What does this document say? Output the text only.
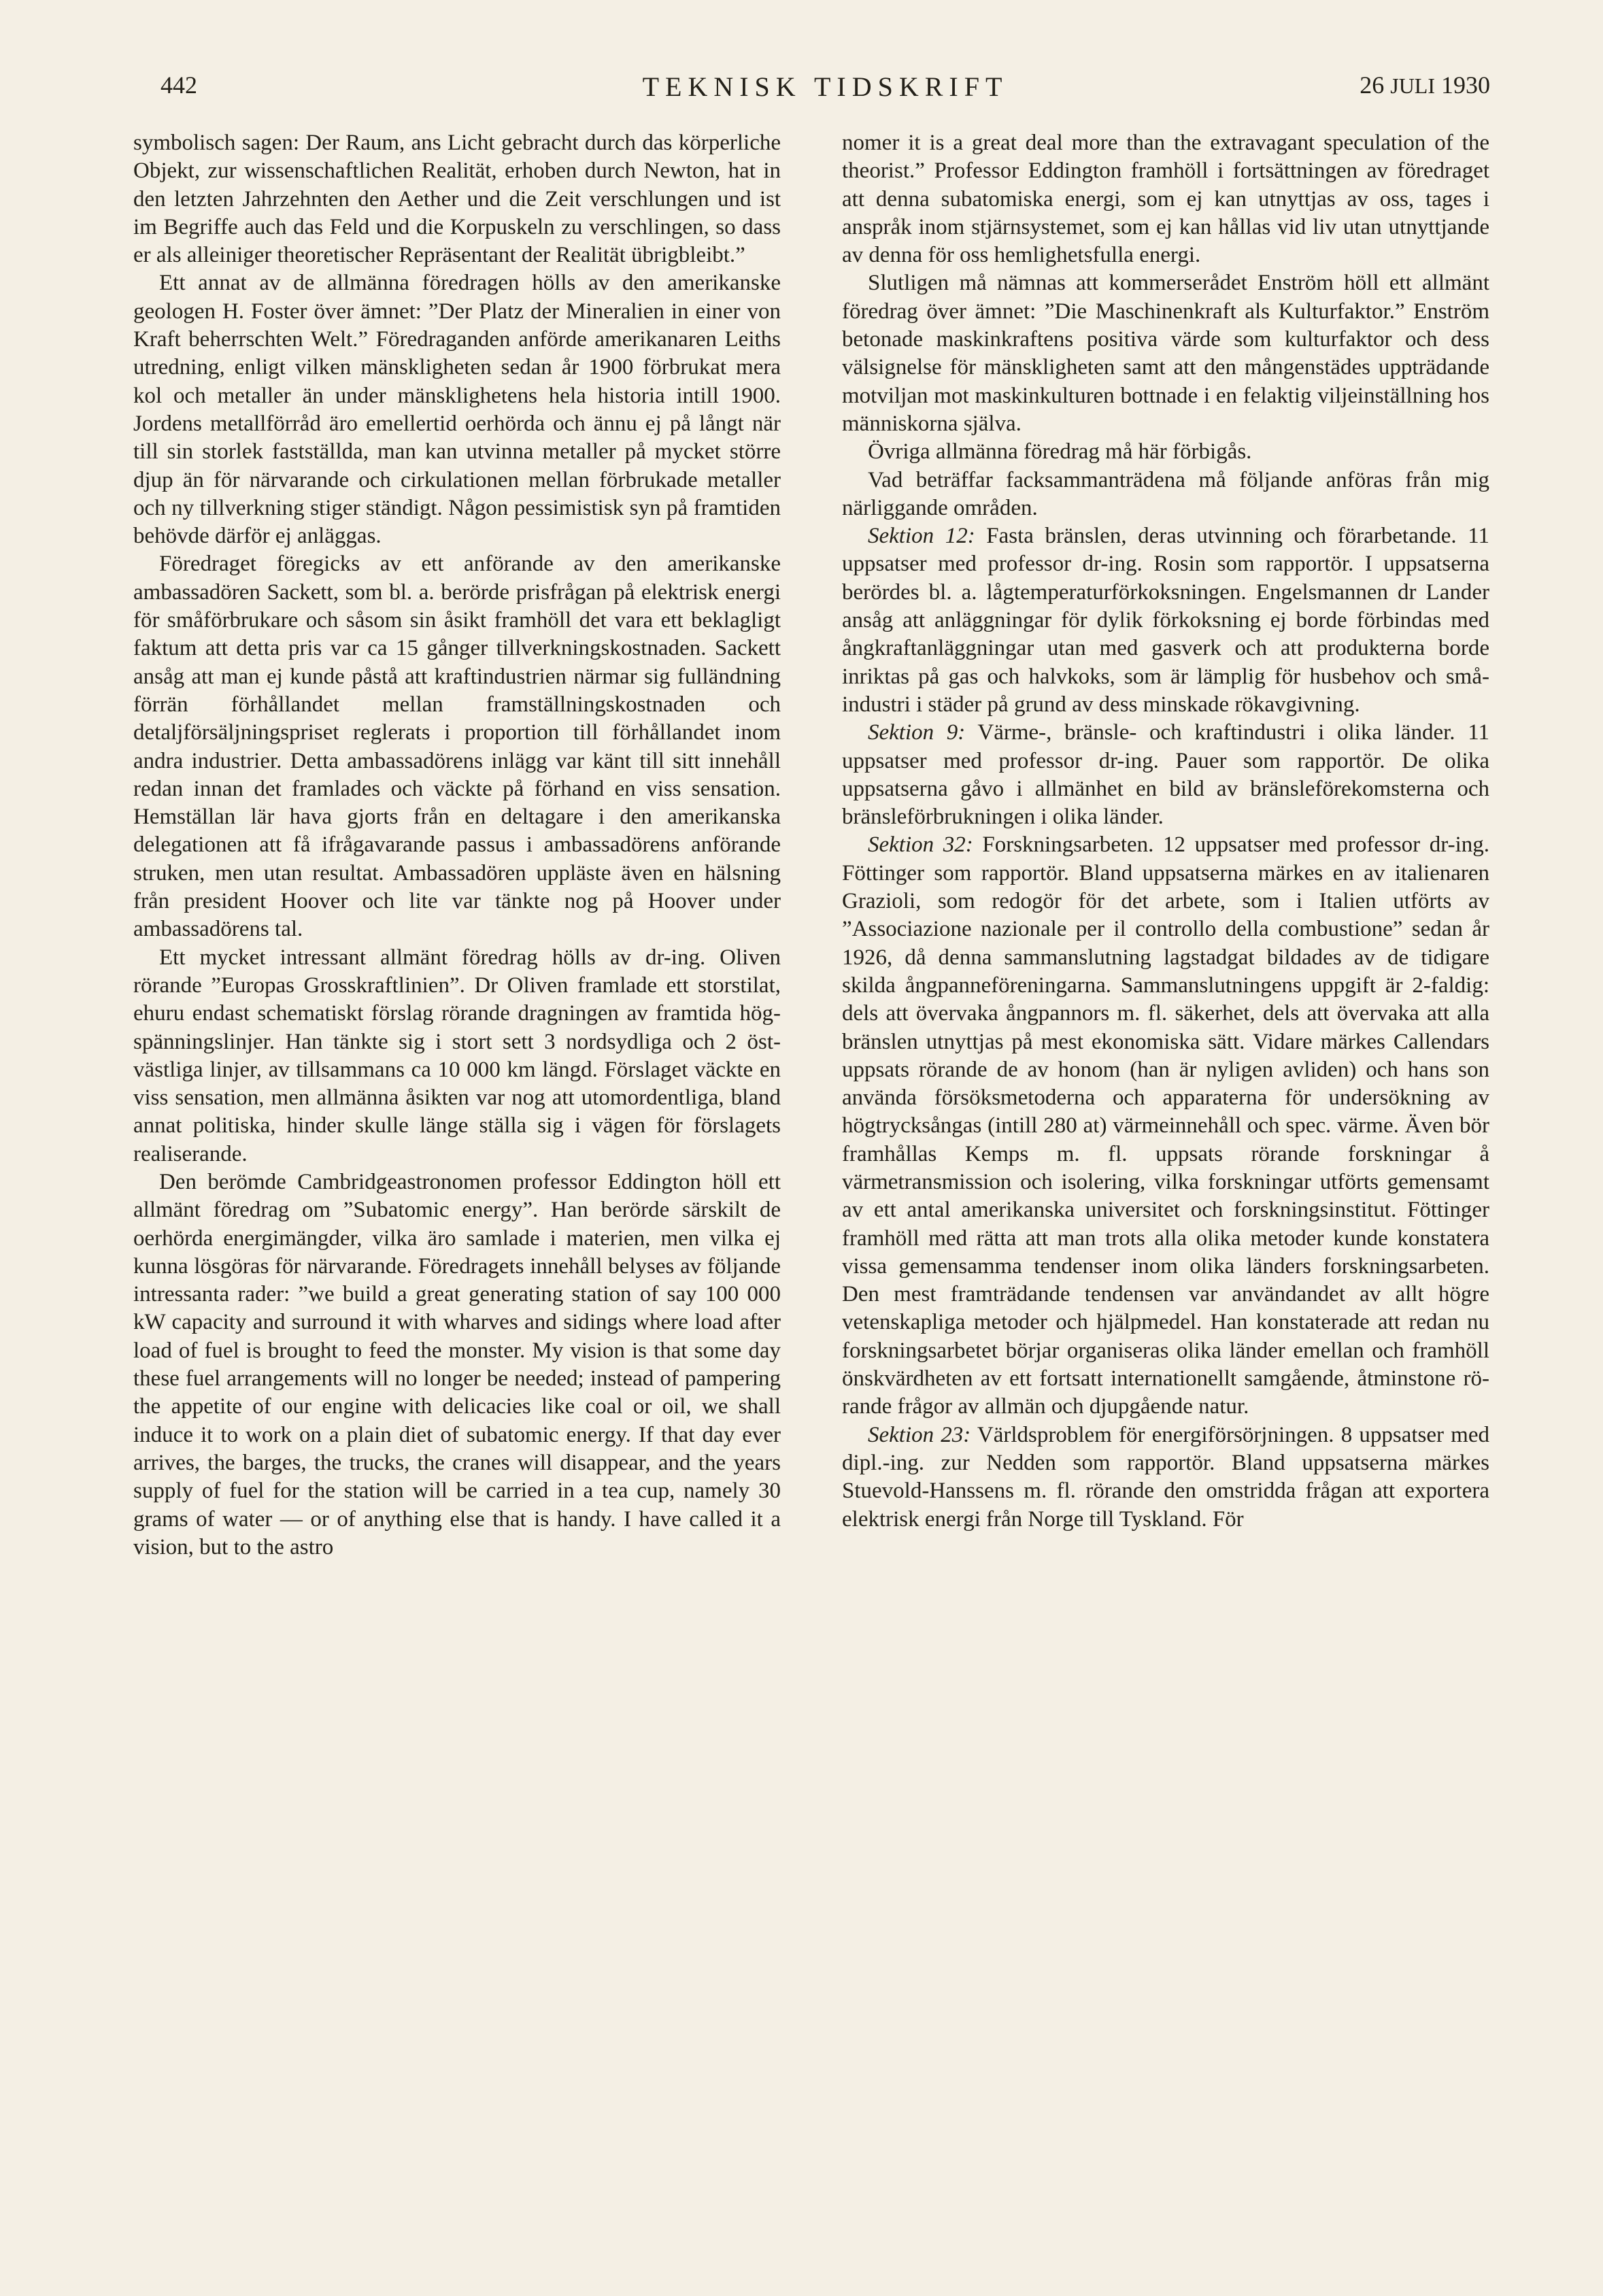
442	TEKNISK TIDSKRIFT	26 JULI 1930

symbolisch sagen: Der Raum, ans Licht gebracht durch das körperliche Objekt, zur wissenschaftlichen Realität, erhoben durch Newton, hat in den letzten Jahrzehnten den Aether und die Zeit verschlungen und ist im Begriffe auch das Feld und die Korpuskeln zu verschlingen, so dass er als alleiniger theoretischer Repräsentant der Realität übrigbleibt.”

Ett annat av de allmänna föredragen hölls av den amerikanske geologen H. Foster över ämnet: ”Der Platz der Mineralien in einer von Kraft beherrschten Welt.” Föredraganden anförde amerikanaren Leiths utredning, enligt vilken mänskligheten sedan år 1900 förbrukat mera kol och metaller än under mänsklighetens hela historia intill 1900. Jordens metallförråd äro emellertid oerhörda och ännu ej på långt när till sin storlek fastställda, man kan utvinna metaller på mycket större djup än för närvarande och cirkulationen mellan förbrukade metaller och ny tillverkning stiger ständigt. Någon pessimistisk syn på framtiden behövde därför ej anläggas.

Föredraget föregicks av ett anförande av den amerikanske ambassadören Sackett, som bl. a. berörde prisfrågan på elektrisk energi för småförbrukare och såsom sin åsikt framhöll det vara ett beklagligt faktum att detta pris var ca 15 gånger tillverkningskostnaden. Sackett ansåg att man ej kunde påstå att kraftindustrien närmar sig fulländning förrän förhållandet mellan framställningskostnaden och detaljförsäljningspriset reglerats i proportion till förhållandet inom andra industrier. Detta ambassadörens inlägg var känt till sitt innehåll redan innan det framlades och väckte på förhand en viss sensation. Hemställan lär hava gjorts från en deltagare i den amerikanska delegationen att få ifrågavarande passus i ambassadörens anförande struken, men utan resultat. Ambassadören uppläste även en hälsning från president Hoover och lite var tänkte nog på Hoover under ambassadörens tal.

Ett mycket intressant allmänt föredrag hölls av dr-ing. Oliven rörande ”Europas Grosskraftlinien”. Dr Oliven framlade ett storstilat, ehuru endast schematiskt förslag rörande dragningen av framtida högspänningslinjer. Han tänkte sig i stort sett 3 nordsydliga och 2 öst-västliga linjer, av tillsammans ca 10 000 km längd. Förslaget väckte en viss sensation, men allmänna åsikten var nog att utomordentliga, bland annat politiska, hinder skulle länge ställa sig i vägen för förslagets realiserande.

Den berömde Cambridgeastronomen professor Eddington höll ett allmänt föredrag om ”Subatomic energy”. Han berörde särskilt de oerhörda energimängder, vilka äro samlade i materien, men vilka ej kunna lösgöras för närvarande. Föredragets innehåll belyses av följande intressanta rader: ”we build a great generating station of say 100 000 kW capacity and surround it with wharves and sidings where load after load of fuel is brought to feed the monster. My vision is that some day these fuel arrangements will no longer be needed; instead of pampering the appetite of our engine with delicacies like coal or oil, we shall induce it to work on a plain diet of subatomic energy. If that day ever arrives, the barges, the trucks, the cranes will disappear, and the years supply of fuel for the station will be carried in a tea cup, namely 30 grams of water — or of anything else that is handy. I have called it a vision, but to the astro

nomer it is a great deal more than the extravagant speculation of the theorist.” Professor Eddington framhöll i fortsättningen av föredraget att denna subatomiska energi, som ej kan utnyttjas av oss, tages i anspråk inom stjärnsystemet, som ej kan hållas vid liv utan utnyttjande av denna för oss hemlighetsfulla energi.

Slutligen må nämnas att kommerserådet Enström höll ett allmänt föredrag över ämnet: ”Die Maschinenkraft als Kulturfaktor.” Enström betonade maskinkraftens positiva värde som kulturfaktor och dess välsignelse för mänskligheten samt att den mångenstädes uppträdande motviljan mot maskinkulturen bottnade i en felaktig viljeinställning hos människorna själva.

Övriga allmänna föredrag må här förbigås.

Vad beträffar facksammanträdena må följande anföras från mig närliggande områden.

Sektion 12: Fasta bränslen, deras utvinning och förarbetande. 11 uppsatser med professor dr-ing. Rosin som rapportör. I uppsatserna berördes bl. a. lågtemperaturförkoksningen. Engelsmannen dr Lander ansåg att anläggningar för dylik förkoksning ej borde förbindas med ångkraftanläggningar utan med gasverk och att produkterna borde inriktas på gas och halvkoks, som är lämplig för husbehov och småindustri i städer på grund av dess minskade rökavgivning.

Sektion 9: Värme-, bränsle- och kraftindustri i olika länder. 11 uppsatser med professor dr-ing. Pauer som rapportör. De olika uppsatserna gåvo i allmänhet en bild av bränsleförekomsterna och bränsleförbrukningen i olika länder.

Sektion 32: Forskningsarbeten. 12 uppsatser med professor dr-ing. Föttinger som rapportör. Bland uppsatserna märkes en av italienaren Grazioli, som redogör för det arbete, som i Italien utförts av ”Associazione nazionale per il controllo della combustione” sedan år 1926, då denna sammanslutning lagstadgat bildades av de tidigare skilda ångpanneföreningarna. Sammanslutningens uppgift är 2-faldig: dels att övervaka ångpannors m. fl. säkerhet, dels att övervaka att alla bränslen utnyttjas på mest ekonomiska sätt. Vidare märkes Callendars uppsats rörande de av honom (han är nyligen avliden) och hans son använda försöksmetoderna och apparaterna för undersökning av högtrycksångas (intill 280 at) värmeinnehåll och spec. värme. Även bör framhållas Kemps m. fl. uppsats rörande forskningar å värmetransmission och isolering, vilka forskningar utförts gemensamt av ett antal amerikanska universitet och forskningsinstitut. Föttinger framhöll med rätta att man trots alla olika metoder kunde konstatera vissa gemensamma tendenser inom olika länders forskningsarbeten. Den mest framträdande tendensen var användandet av allt högre vetenskapliga metoder och hjälpmedel. Han konstaterade att redan nu forskningsarbetet börjar organiseras olika länder emellan och framhöll önskvärdheten av ett fortsatt internationellt samgående, åtminstone rörande frågor av allmän och djupgående natur.

Sektion 23: Världsproblem för energiförsörjningen. 8 uppsatser med dipl.-ing. zur Nedden som rapportör. Bland uppsatserna märkes Stuevold-Hanssens m. fl. rörande den omstridda frågan att exportera elektrisk energi från Norge till Tyskland. För
